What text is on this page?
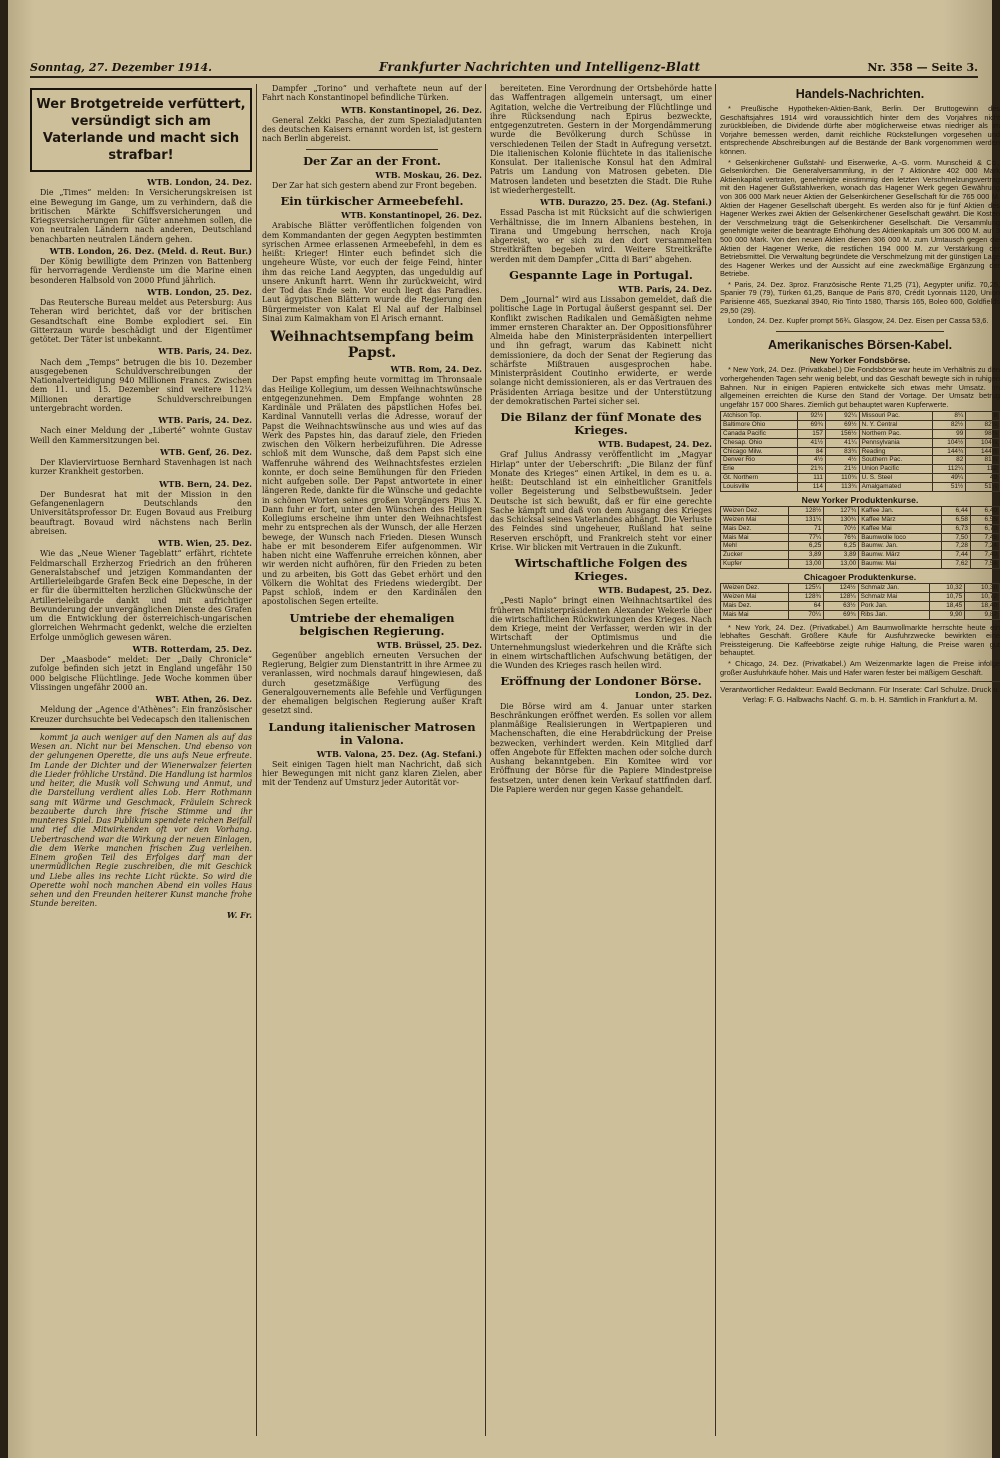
Sonntag, 27. Dezember 1914.	Frankfurter Nachrichten und Intelligenz-Blatt	Nr. 358 — Seite 3.
Wer Brotgetreide verfüttert, versündigt sich am Vaterlande und macht sich strafbar!
WTB. London, 24. Dez.

Die „Times“ melden: In Versicherungskreisen ist eine Bewegung im Gange, um zu verhindern, daß die britischen Märkte Schiffsversicherungen und Kriegsversicherungen für Güter annehmen sollen, die von neutralen Ländern nach anderen, Deutschland benachbarten neutralen Ländern gehen.

WTB. London, 26. Dez. (Meld. d. Reut. Bur.)

Der König bewilligte dem Prinzen von Battenberg für hervorragende Verdienste um die Marine einen besonderen Halbsold von 2000 Pfund jährlich.

WTB. London, 25. Dez.

Das Reutersche Bureau meldet aus Petersburg: Aus Teheran wird berichtet, daß vor der britischen Gesandtschaft eine Bombe explodiert sei. Ein Gitterzaun wurde beschädigt und der Eigentümer getötet. Der Täter ist unbekannt.

WTB. Paris, 24. Dez.

Nach dem „Temps“ betrugen die bis 10. Dezember ausgegebenen Schuldverschreibungen der Nationalverteidigung 940 Millionen Francs. Zwischen dem 11. und 15. Dezember sind weitere 112¼ Millionen derartige Schuldverschreibungen untergebracht worden.

WTB. Paris, 24. Dez.

Nach einer Meldung der „Liberté“ wohnte Gustav Weill den Kammersitzungen bei.

WTB. Genf, 26. Dez.

Der Klaviervirtuose Bernhard Stavenhagen ist nach kurzer Krankheit gestorben.

WTB. Bern, 24. Dez.

Der Bundesrat hat mit der Mission in den Gefangenenlagern Deutschlands den Universitätsprofessor Dr. Eugen Bovaud aus Freiburg beauftragt. Bovaud wird nächstens nach Berlin abreisen.

WTB. Wien, 25. Dez.

Wie das „Neue Wiener Tageblatt“ erfährt, richtete Feldmarschall Erzherzog Friedrich an den früheren Generalstabschef und jetzigen Kommandanten der Artillerieleibgarde Grafen Beck eine Depesche, in der er für die übermittelten herzlichen Glückwünsche der Artillerieleibgarde dankt und mit aufrichtiger Bewunderung der unvergänglichen Dienste des Grafen um die Entwicklung der österreichisch-ungarischen glorreichen Wehrmacht gedenkt, welche die erzielten Erfolge unmöglich gewesen wären.

WTB. Rotterdam, 25. Dez.

Der „Maasbode“ meldet: Der „Daily Chronicle“ zufolge befinden sich jetzt in England ungefähr 150 000 belgische Flüchtlinge. Jede Woche kommen über Vlissingen ungefähr 2000 an.

WBT. Athen, 26. Dez.

Meldung der „Agence d'Athènes“: Ein französischer Kreuzer durchsuchte bei Vedecapsch den italienischen

kommt ja auch weniger auf den Namen als auf das Wesen an. Nicht nur bei Menschen. Und ebenso von der gelungenen Operette, die uns aufs Neue erfreute. Im Lande der Dichter und der Wienerwalzer feierten die Lieder fröhliche Urständ. Die Handlung ist harmlos und heiter, die Musik voll Schwung und Anmut, und die Darstellung verdient alles Lob. Herr Rothmann sang mit Wärme und Geschmack, Fräulein Schreck bezauberte durch ihre frische Stimme und ihr munteres Spiel. Das Publikum spendete reichen Beifall und rief die Mitwirkenden oft vor den Vorhang. Uebertraschend war die Wirkung der neuen Einlagen, die dem Werke manchen frischen Zug verleihen. Einem großen Teil des Erfolges darf man der unermüdlichen Regie zuschreiben, die mit Geschick und Liebe alles ins rechte Licht rückte. So wird die Operette wohl noch manchen Abend ein volles Haus sehen und den Freunden heiterer Kunst manche frohe Stunde bereiten.

W. Fr.

Dampfer „Torino“ und verhaftete neun auf der Fahrt nach Konstantinopel befindliche Türken.

WTB. Konstantinopel, 26. Dez.

General Zekki Pascha, der zum Spezialadjutanten des deutschen Kaisers ernannt worden ist, ist gestern nach Berlin abgereist.

Der Zar an der Front.
WTB. Moskau, 26. Dez.

Der Zar hat sich gestern abend zur Front begeben.

Ein türkischer Armeebefehl.
WTB. Konstantinopel, 26. Dez.

Arabische Blätter veröffentlichen folgenden von dem Kommandanten der gegen Aegypten bestimmten syrischen Armee erlassenen Armeebefehl, in dem es heißt: Krieger! Hinter euch befindet sich die ungeheure Wüste, vor euch der feige Feind, hinter ihm das reiche Land Aegypten, das ungeduldig auf unsere Ankunft harrt. Wenn ihr zurückweicht, wird der Tod das Ende sein. Vor euch liegt das Paradies. Laut ägyptischen Blättern wurde die Regierung den Bürgermeister von Kalat El Nal auf der Halbinsel Sinai zum Kaimakham von El Arisch ernannt.

Weihnachtsempfang beim Papst.
WTB. Rom, 24. Dez.

Der Papst empfing heute vormittag im Thronsaale das Heilige Kollegium, um dessen Weihnachtswünsche entgegenzunehmen. Dem Empfange wohnten 28 Kardinäle und Prälaten des päpstlichen Hofes bei. Kardinal Vannutelli verlas die Adresse, worauf der Papst die Weihnachtswünsche aus und wies auf das Werk des Papstes hin, das darauf ziele, den Frieden zwischen den Völkern herbeizuführen. Die Adresse schloß mit dem Wunsche, daß dem Papst sich eine Waffenruhe während des Weihnachtsfestes erzielen konnte, er doch seine Bemühungen für den Frieden nicht aufgeben solle. Der Papst antwortete in einer längeren Rede, dankte für die Wünsche und gedachte in schönen Worten seines großen Vorgängers Pius X. Dann fuhr er fort, unter den Wünschen des Heiligen Kollegiums erscheine ihm unter den Weihnachtsfest mehr zu entsprechen als der Wunsch, der alle Herzen bewege, der Wunsch nach Frieden. Diesen Wunsch habe er mit besonderem Eifer aufgenommen. Wir haben nicht eine Waffenruhe erreichen können, aber wir werden nicht aufhören, für den Frieden zu beten und zu arbeiten, bis Gott das Gebet erhört und den Völkern die Wohltat des Friedens wiedergibt. Der Papst schloß, indem er den Kardinälen den apostolischen Segen erteilte.

Umtriebe der ehemaligen belgischen Regierung.
WTB. Brüssel, 25. Dez.

Gegenüber angeblich erneuten Versuchen der Regierung, Belgier zum Dienstantritt in ihre Armee zu veranlassen, wird nochmals darauf hingewiesen, daß durch gesetzmäßige Verfügung des Generalgouvernements alle Befehle und Verfügungen der ehemaligen belgischen Regierung außer Kraft gesetzt sind.

Landung italienischer Matrosen in Valona.
WTB. Valona, 25. Dez. (Ag. Stefani.)

Seit einigen Tagen hielt man Nachricht, daß sich hier Bewegungen mit nicht ganz klaren Zielen, aber mit der Tendenz auf Umsturz jeder Autorität vor-

bereiteten. Eine Verordnung der Ortsbehörde hatte das Waffentragen allgemein untersagt, um einer Agitation, welche die Vertreibung der Flüchtlinge und ihre Rücksendung nach Epirus bezweckte, entgegenzutreten. Gestern in der Morgendämmerung wurde die Bevölkerung durch Schüsse in verschiedenen Teilen der Stadt in Aufregung versetzt. Die italienischen Kolonie flüchtete in das italienische Konsulat. Der italienische Konsul hat den Admiral Patris um Landung von Matrosen gebeten. Die Matrosen landeten und besetzten die Stadt. Die Ruhe ist wiederhergestellt.

WTB. Durazzo, 25. Dez. (Ag. Stefani.)

Essad Pascha ist mit Rücksicht auf die schwierigen Verhältnisse, die im Innern Albaniens bestehen, in Tirana und Umgebung herrschen, nach Kroja abgereist, wo er sich zu den dort versammelten Streitkräften begeben wird. Weitere Streitkräfte werden mit dem Dampfer „Citta di Bari“ abgehen.

Gespannte Lage in Portugal.
WTB. Paris, 24. Dez.

Dem „Journal“ wird aus Lissabon gemeldet, daß die politische Lage in Portugal äußerst gespannt sei. Der Konflikt zwischen Radikalen und Gemäßigten nehme immer ernsteren Charakter an. Der Oppositionsführer Almeida habe den Ministerpräsidenten interpelliert und ihn gefragt, warum das Kabinett nicht demissioniere, da doch der Senat der Regierung das schärfste Mißtrauen ausgesprochen habe. Ministerpräsident Coutinho erwiderte, er werde solange nicht demissionieren, als er das Vertrauen des Präsidenten Arriaga besitze und der Unterstützung der demokratischen Partei sicher sei.

Die Bilanz der fünf Monate des Krieges.
WTB. Budapest, 24. Dez.

Graf Julius Andrassy veröffentlicht im „Magyar Hirlap“ unter der Ueberschrift: „Die Bilanz der fünf Monate des Krieges“ einen Artikel, in dem es u. a. heißt: Deutschland ist ein einheitlicher Granitfels voller Begeisterung und Selbstbewußtsein. Jeder Deutsche ist sich bewußt, daß er für eine gerechte Sache kämpft und daß von dem Ausgang des Krieges das Schicksal seines Vaterlandes abhängt. Die Verluste des Feindes sind ungeheuer, Rußland hat seine Reserven erschöpft, und Frankreich steht vor einer Krise. Wir blicken mit Vertrauen in die Zukunft.

Wirtschaftliche Folgen des Krieges.
WTB. Budapest, 25. Dez.

„Pesti Naplo“ bringt einen Weihnachtsartikel des früheren Ministerpräsidenten Alexander Wekerle über die wirtschaftlichen Rückwirkungen des Krieges. Nach dem Kriege, meint der Verfasser, werden wir in der Wirtschaft der Optimismus und die Unternehmungslust wiederkehren und die Kräfte sich in einem wirtschaftlichen Aufschwung betätigen, der die Wunden des Krieges rasch heilen wird.

Eröffnung der Londoner Börse.
London, 25. Dez.

Die Börse wird am 4. Januar unter starken Beschränkungen eröffnet werden. Es sollen vor allem planmäßige Realisierungen in Wertpapieren und Machenschaften, die eine Herabdrückung der Preise bezwecken, verhindert werden. Kein Mitglied darf offen Angebote für Effekten machen oder solche durch Aushang bekanntgeben. Ein Komitee wird vor Eröffnung der Börse für die Papiere Mindestpreise festsetzen, unter denen kein Verkauf stattfinden darf. Die Papiere werden nur gegen Kasse gehandelt.

Handels-Nachrichten.

* Preußische Hypotheken-Aktien-Bank, Berlin. Der Bruttogewinn des Geschäftsjahres 1914 wird voraussichtlich hinter dem des Vorjahres nicht zurückbleiben, die Dividende dürfte aber möglicherweise etwas niedriger als im Vorjahre bemessen werden, damit reichliche Rückstellungen vorgesehen und entsprechende Abschreibungen auf die Bestände der Bank vorgenommen werden können.

* Gelsenkirchener Gußstahl- und Eisenwerke, A.-G. vorm. Munscheid & Co., Gelsenkirchen. Die Generalversammlung, in der 7 Aktionäre 402 000 Mark Aktienkapital vertraten, genehmigte einstimmig den letzten Verschmelzungsvertrag mit den Hagener Gußstahlwerken, wonach das Hagener Werk gegen Gewährung von 306 000 Mark neuer Aktien der Gelsenkirchener Gesellschaft für die 765 000 M. Aktien der Hagener Gesellschaft übergeht. Es werden also für je fünf Aktien des Hagener Werkes zwei Aktien der Gelsenkirchener Gesellschaft gewährt. Die Kosten der Verschmelzung trägt die Gelsenkirchener Gesellschaft. Die Versammlung genehmigte weiter die beantragte Erhöhung des Aktienkapitals um 306 000 M. auf 3 500 000 Mark. Von den neuen Aktien dienen 306 000 M. zum Umtausch gegen die Aktien der Hagener Werke, die restlichen 194 000 M. zur Verstärkung der Betriebsmittel. Die Verwaltung begründete die Verschmelzung mit der günstigen Lage des Hagener Werkes und der Aussicht auf eine zweckmäßige Ergänzung der Betriebe.

* Paris, 24. Dez. 3proz. Französische Rente 71,25 (71), Aegypter unifiz. 70,25, Spanier 79 (79), Türken 61,25, Banque de Paris 870, Crédit Lyonnais 1120, Union Parisienne 465, Suezkanal 3940, Rio Tinto 1580, Tharsis 165, Boleo 600, Goldfields 29,50 (29).

London, 24. Dez. Kupfer prompt 56¾. Glasgow, 24. Dez. Eisen per Cassa 53,6.

Amerikanisches Börsen-Kabel.
New Yorker Fondsbörse.

* New York, 24. Dez. (Privatkabel.) Die Fondsbörse war heute im Verhältnis zu den vorhergehenden Tagen sehr wenig belebt, und das Geschäft bewegte sich in ruhigen Bahnen. Nur in einigen Papieren entwickelte sich etwas mehr Umsatz. Im allgemeinen erreichten die Kurse den Stand der Vortage. Der Umsatz betrug ungefähr 157 000 Shares. Ziemlich gut behauptet waren Kupferwerte.

Atchison Top.	92½	92¼	Missouri Pac.	8¼	8
Baltimore Ohio	69¾	69½	N. Y. Central	82½	82¼
Canada Pacific	157	156½	Northern Pac.	99	98¾
Chesap. Ohio	41½	41¼	Pennsylvania	104½	104¼
Chicago Milw.	84	83¾	Reading	144¾	144½
Denver Rio	4½	4½	Southern Pac.	82	81¾
Erie	21¾	21½	Union Pacific	112¼	112
Gt. Northern	111	110¾	U. S. Steel	49¼	49
Louisville	114	113¾	Amalgamated	51½	51¼
New Yorker Produktenkurse.
Weizen Dez.	128½	127¾	Kaffee Jan.	6,44	6,40
Weizen Mai	131¼	130¾	Kaffee März	6,58	6,55
Mais Dez.	71	70½	Kaffee Mai	6,73	6,70
Mais Mai	77¼	76¾	Baumwolle loco	7,50	7,45
Mehl	6,25	6,25	Baumw. Jan.	7,28	7,24
Zucker	3,89	3,89	Baumw. März	7,44	7,40
Kupfer	13,00	13,00	Baumw. Mai	7,62	7,58
Chicagoer Produktenkurse.
Weizen Dez.	125¼	124½	Schmalz Jan.	10,32	10,30
Weizen Mai	128¾	128¼	Schmalz Mai	10,75	10,72
Mais Dez.	64	63½	Pork Jan.	18,45	18,40
Mais Mai	70¼	69¾	Ribs Jan.	9,90	9,87

* New York, 24. Dez. (Privatkabel.) Am Baumwollmarkte herrschte heute ein lebhaftes Geschäft. Größere Käufe für Ausfuhrzwecke bewirkten eine Preissteigerung. Die Kaffeebörse zeigte ruhige Haltung, die Preise waren gut behauptet.

* Chicago, 24. Dez. (Privatkabel.) Am Weizenmarkte lagen die Preise infolge großer Ausfuhrkäufe höher. Mais und Hafer waren fester bei mäßigem Geschäft.

Verantwortlicher Redakteur: Ewald Beckmann. Für Inserate: Carl Schulze. Druck u. Verlag: F. G. Halbwachs Nachf. G. m. b. H. Sämtlich in Frankfurt a. M.
